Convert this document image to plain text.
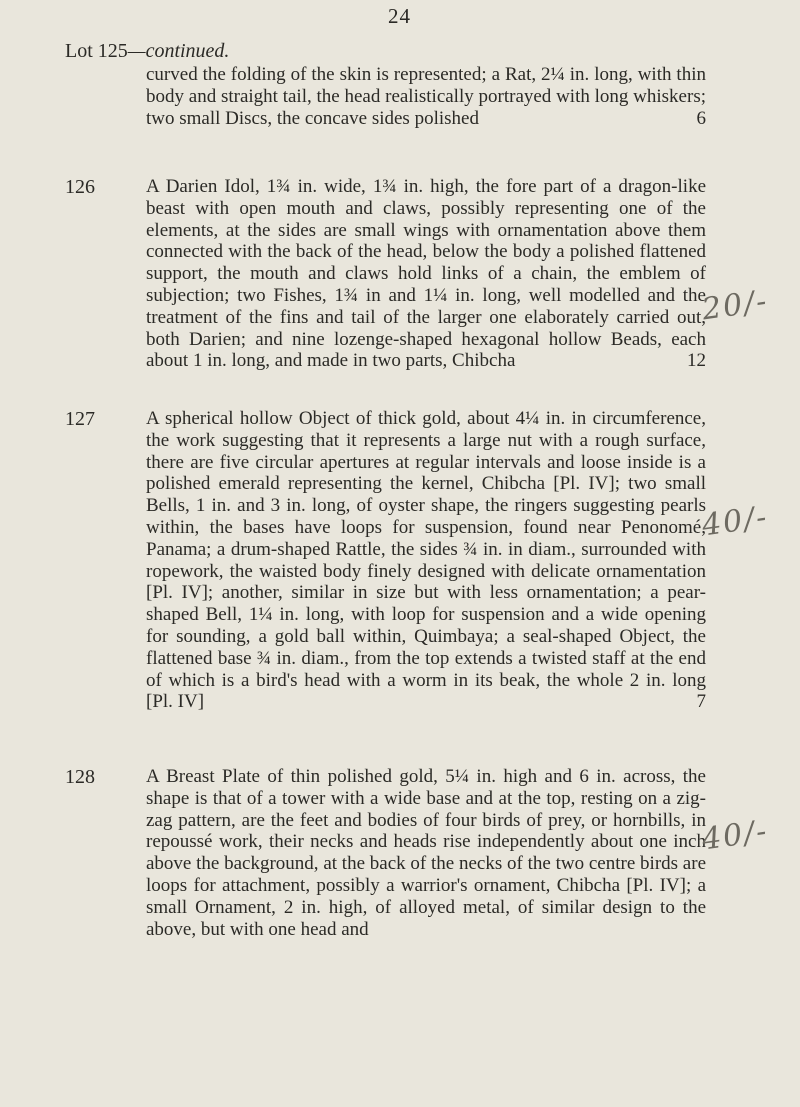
24
Lot 125—continued.
curved the folding of the skin is represented; a Rat, 2¼ in. long, with thin body and straight tail, the head realistically portrayed with long whiskers; two small Discs, the concave sides polished	6
126	A Darien Idol, 1¾ in. wide, 1¾ in. high, the fore part of a dragon-like beast with open mouth and claws, possibly representing one of the elements, at the sides are small wings with ornamentation above them connected with the back of the head, below the body a polished flattened support, the mouth and claws hold links of a chain, the emblem of subjection; two Fishes, 1¾ in and 1¼ in. long, well modelled and the treatment of the fins and tail of the larger one elaborately carried out, both Darien; and nine lozenge-shaped hexagonal hollow Beads, each about 1 in. long, and made in two parts, Chibcha	12
20/-
127	A spherical hollow Object of thick gold, about 4¼ in. in circumference, the work suggesting that it represents a large nut with a rough surface, there are five circular apertures at regular intervals and loose inside is a polished emerald representing the kernel, Chibcha [Pl. IV]; two small Bells, 1 in. and 3 in. long, of oyster shape, the ringers suggesting pearls within, the bases have loops for suspension, found near Penonomé, Panama; a drum-shaped Rattle, the sides ¾ in. in diam., surrounded with ropework, the waisted body finely designed with delicate ornamentation [Pl. IV]; another, similar in size but with less ornamentation; a pear-shaped Bell, 1¼ in. long, with loop for suspension and a wide opening for sounding, a gold ball within, Quimbaya; a seal-shaped Object, the flattened base ¾ in. diam., from the top extends a twisted staff at the end of which is a bird's head with a worm in its beak, the whole 2 in. long [Pl. IV]	7
40/-
128	A Breast Plate of thin polished gold, 5¼ in. high and 6 in. across, the shape is that of a tower with a wide base and at the top, resting on a zig-zag pattern, are the feet and bodies of four birds of prey, or hornbills, in repoussé work, their necks and heads rise independently about one inch above the background, at the back of the necks of the two centre birds are loops for attachment, possibly a warrior's ornament, Chibcha [Pl. IV]; a small Ornament, 2 in. high, of alloyed metal, of similar design to the above, but with one head and
40/-
